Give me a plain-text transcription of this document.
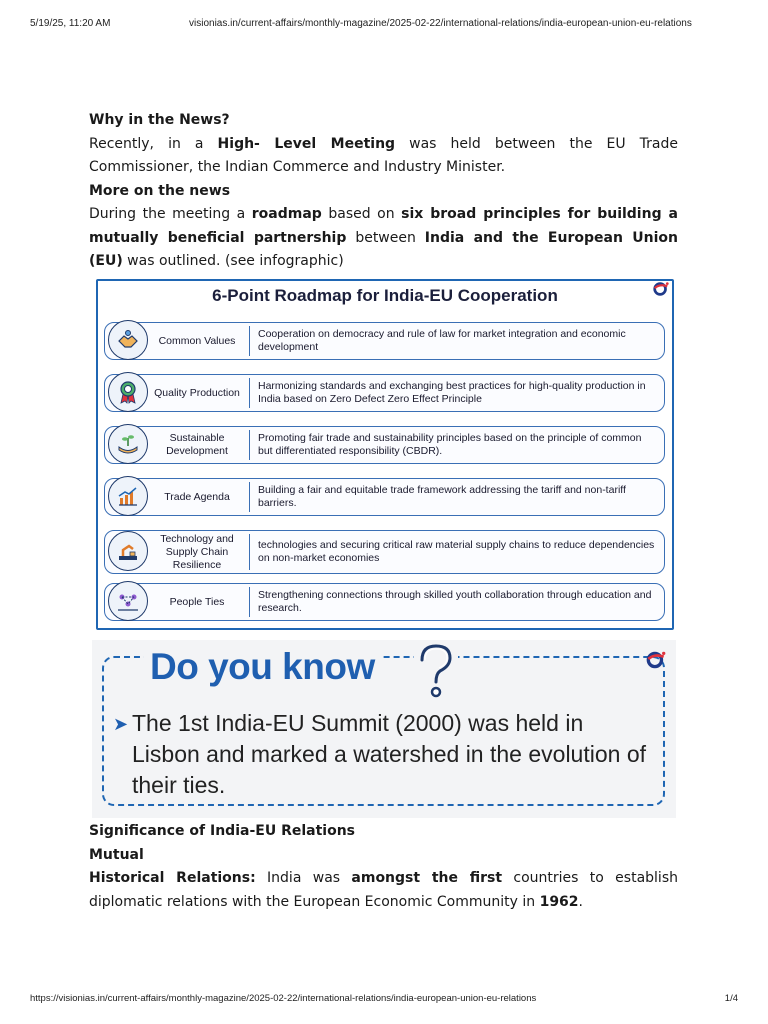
5/19/25, 11:20 AM	visionias.in/current-affairs/monthly-magazine/2025-02-22/international-relations/india-european-union-eu-relations

Why in the News?

Recently, in a High- Level Meeting was held between the EU Trade Commissioner, the Indian Commerce and Industry Minister.

More on the news

During the meeting a roadmap based on six broad principles for building a mutually beneficial partnership between India and the European Union (EU) was outlined. (see infographic)

6-Point Roadmap for India-EU Cooperation
Common Values
Cooperation on democracy and rule of law for market integration and economic development
Quality Production
Harmonizing standards and exchanging best practices for high-quality production in India based on Zero Defect Zero Effect Principle
Sustainable Development
Promoting fair trade and sustainability principles based on the principle of common but differentiated responsibility (CBDR).
Trade Agenda
Building a fair and equitable trade framework addressing the tariff and non-tariff barriers.
Technology and Supply Chain Resilience
technologies and securing critical raw material supply chains to reduce dependencies on non-market economies
People Ties
Strengthening connections through skilled youth collaboration through education and research.
Do you know
➤ The 1st India-EU Summit (2000) was held in Lisbon and marked a watershed in the evolution of their ties.

Significance of India-EU Relations

Mutual

Historical Relations: India was amongst the first countries to establish diplomatic relations with the European Economic Community in 1962.

https://visionias.in/current-affairs/monthly-magazine/2025-02-22/international-relations/india-european-union-eu-relations	1/4
